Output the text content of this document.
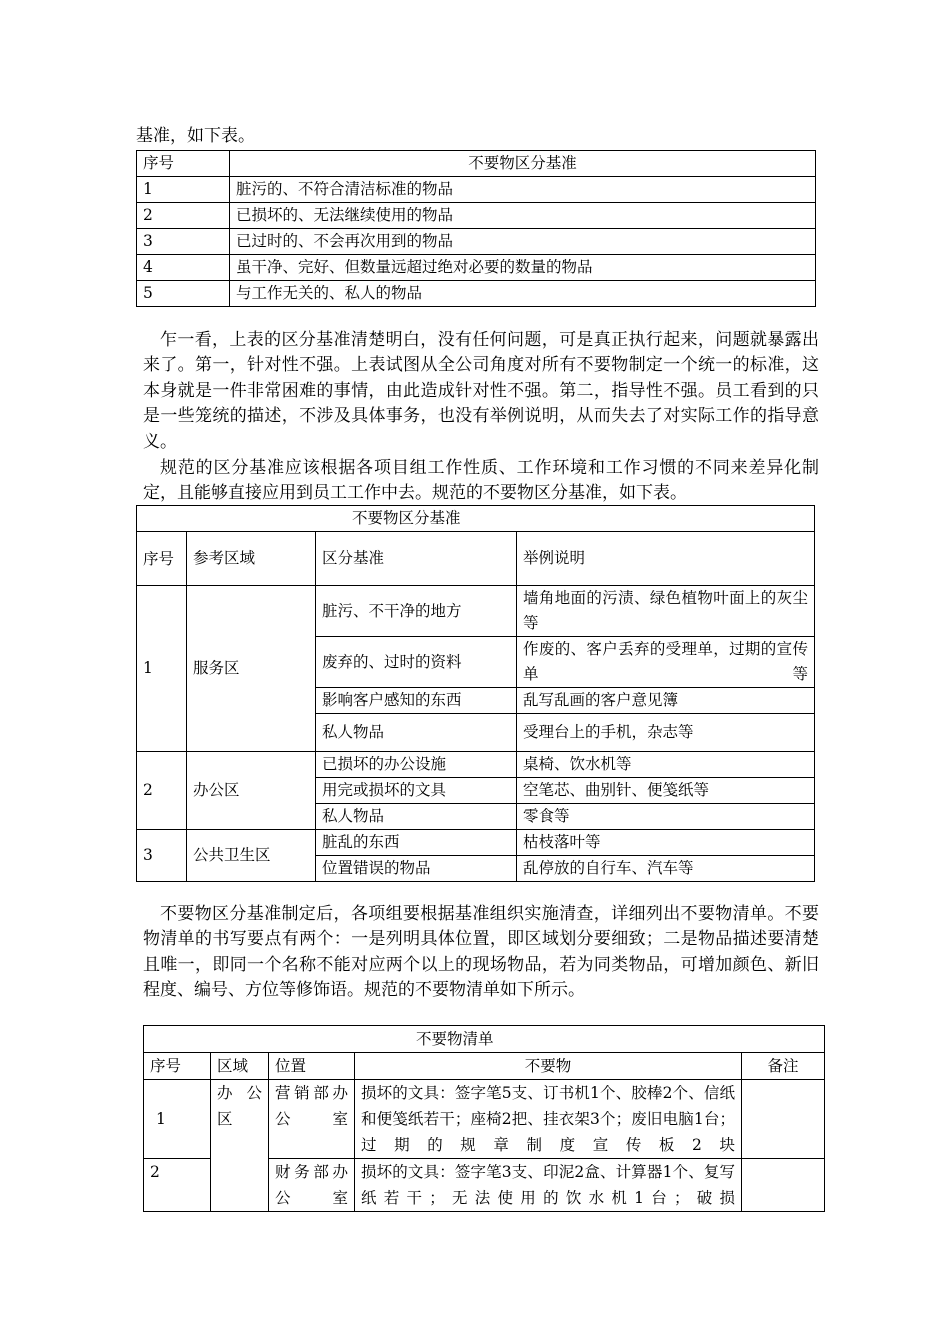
基准，如下表。
序号	不要物区分基准
1	脏污的、不符合清洁标准的物品
2	已损坏的、无法继续使用的物品
3	已过时的、不会再次用到的物品
4	虽干净、完好、但数量远超过绝对必要的数量的物品
5	与工作无关的、私人的物品
乍一看，上表的区分基准清楚明白，没有任何问题，可是真正执行起来，问题就暴露出来了。第一，针对性不强。上表试图从全公司角度对所有不要物制定一个统一的标准，这本身就是一件非常困难的事情，由此造成针对性不强。第二，指导性不强。员工看到的只是一些笼统的描述，不涉及具体事务，也没有举例说明，从而失去了对实际工作的指导意义。
规范的区分基准应该根据各项目组工作性质、工作环境和工作习惯的不同来差异化制定，且能够直接应用到员工工作中去。规范的不要物区分基准，如下表。
不要物区分基准			
序号	参考区域	区分基准	举例说明
1	服务区	脏污、不干净的地方	墙角地面的污渍、绿色植物叶面上的灰尘等
		废弃的、过时的资料	作废的、客户丢弃的受理单，过期的宣传单等
		影响客户感知的东西	乱写乱画的客户意见簿
		私人物品	受理台上的手机，杂志等
2	办公区	已损坏的办公设施	桌椅、饮水机等
		用完或损坏的文具	空笔芯、曲别针、便笺纸等
		私人物品	零食等
3	公共卫生区	脏乱的东西	枯枝落叶等
		位置错误的物品	乱停放的自行车、汽车等
不要物区分基准制定后，各项组要根据基准组织实施清查，详细列出不要物清单。不要物清单的书写要点有两个：一是列明具体位置，即区域划分要细致；二是物品描述要清楚且唯一，即同一个名称不能对应两个以上的现场物品，若为同类物品，可增加颜色、新旧程度、编号、方位等修饰语。规范的不要物清单如下所示。
不要物清单				
序号	区域	位置	不要物	备注
1	办公区	营销部办公室	损坏的文具：签字笔5支、订书机1个、胶棒2个、信纸和便笺纸若干；座椅2把、挂衣架3个；废旧电脑1台；过期的规章制度宣传板2块	
2		财务部办公室	损坏的文具：签字笔3支、印泥2盒、计算器1个、复写纸若干；无法使用的饮水机1台；破损	
